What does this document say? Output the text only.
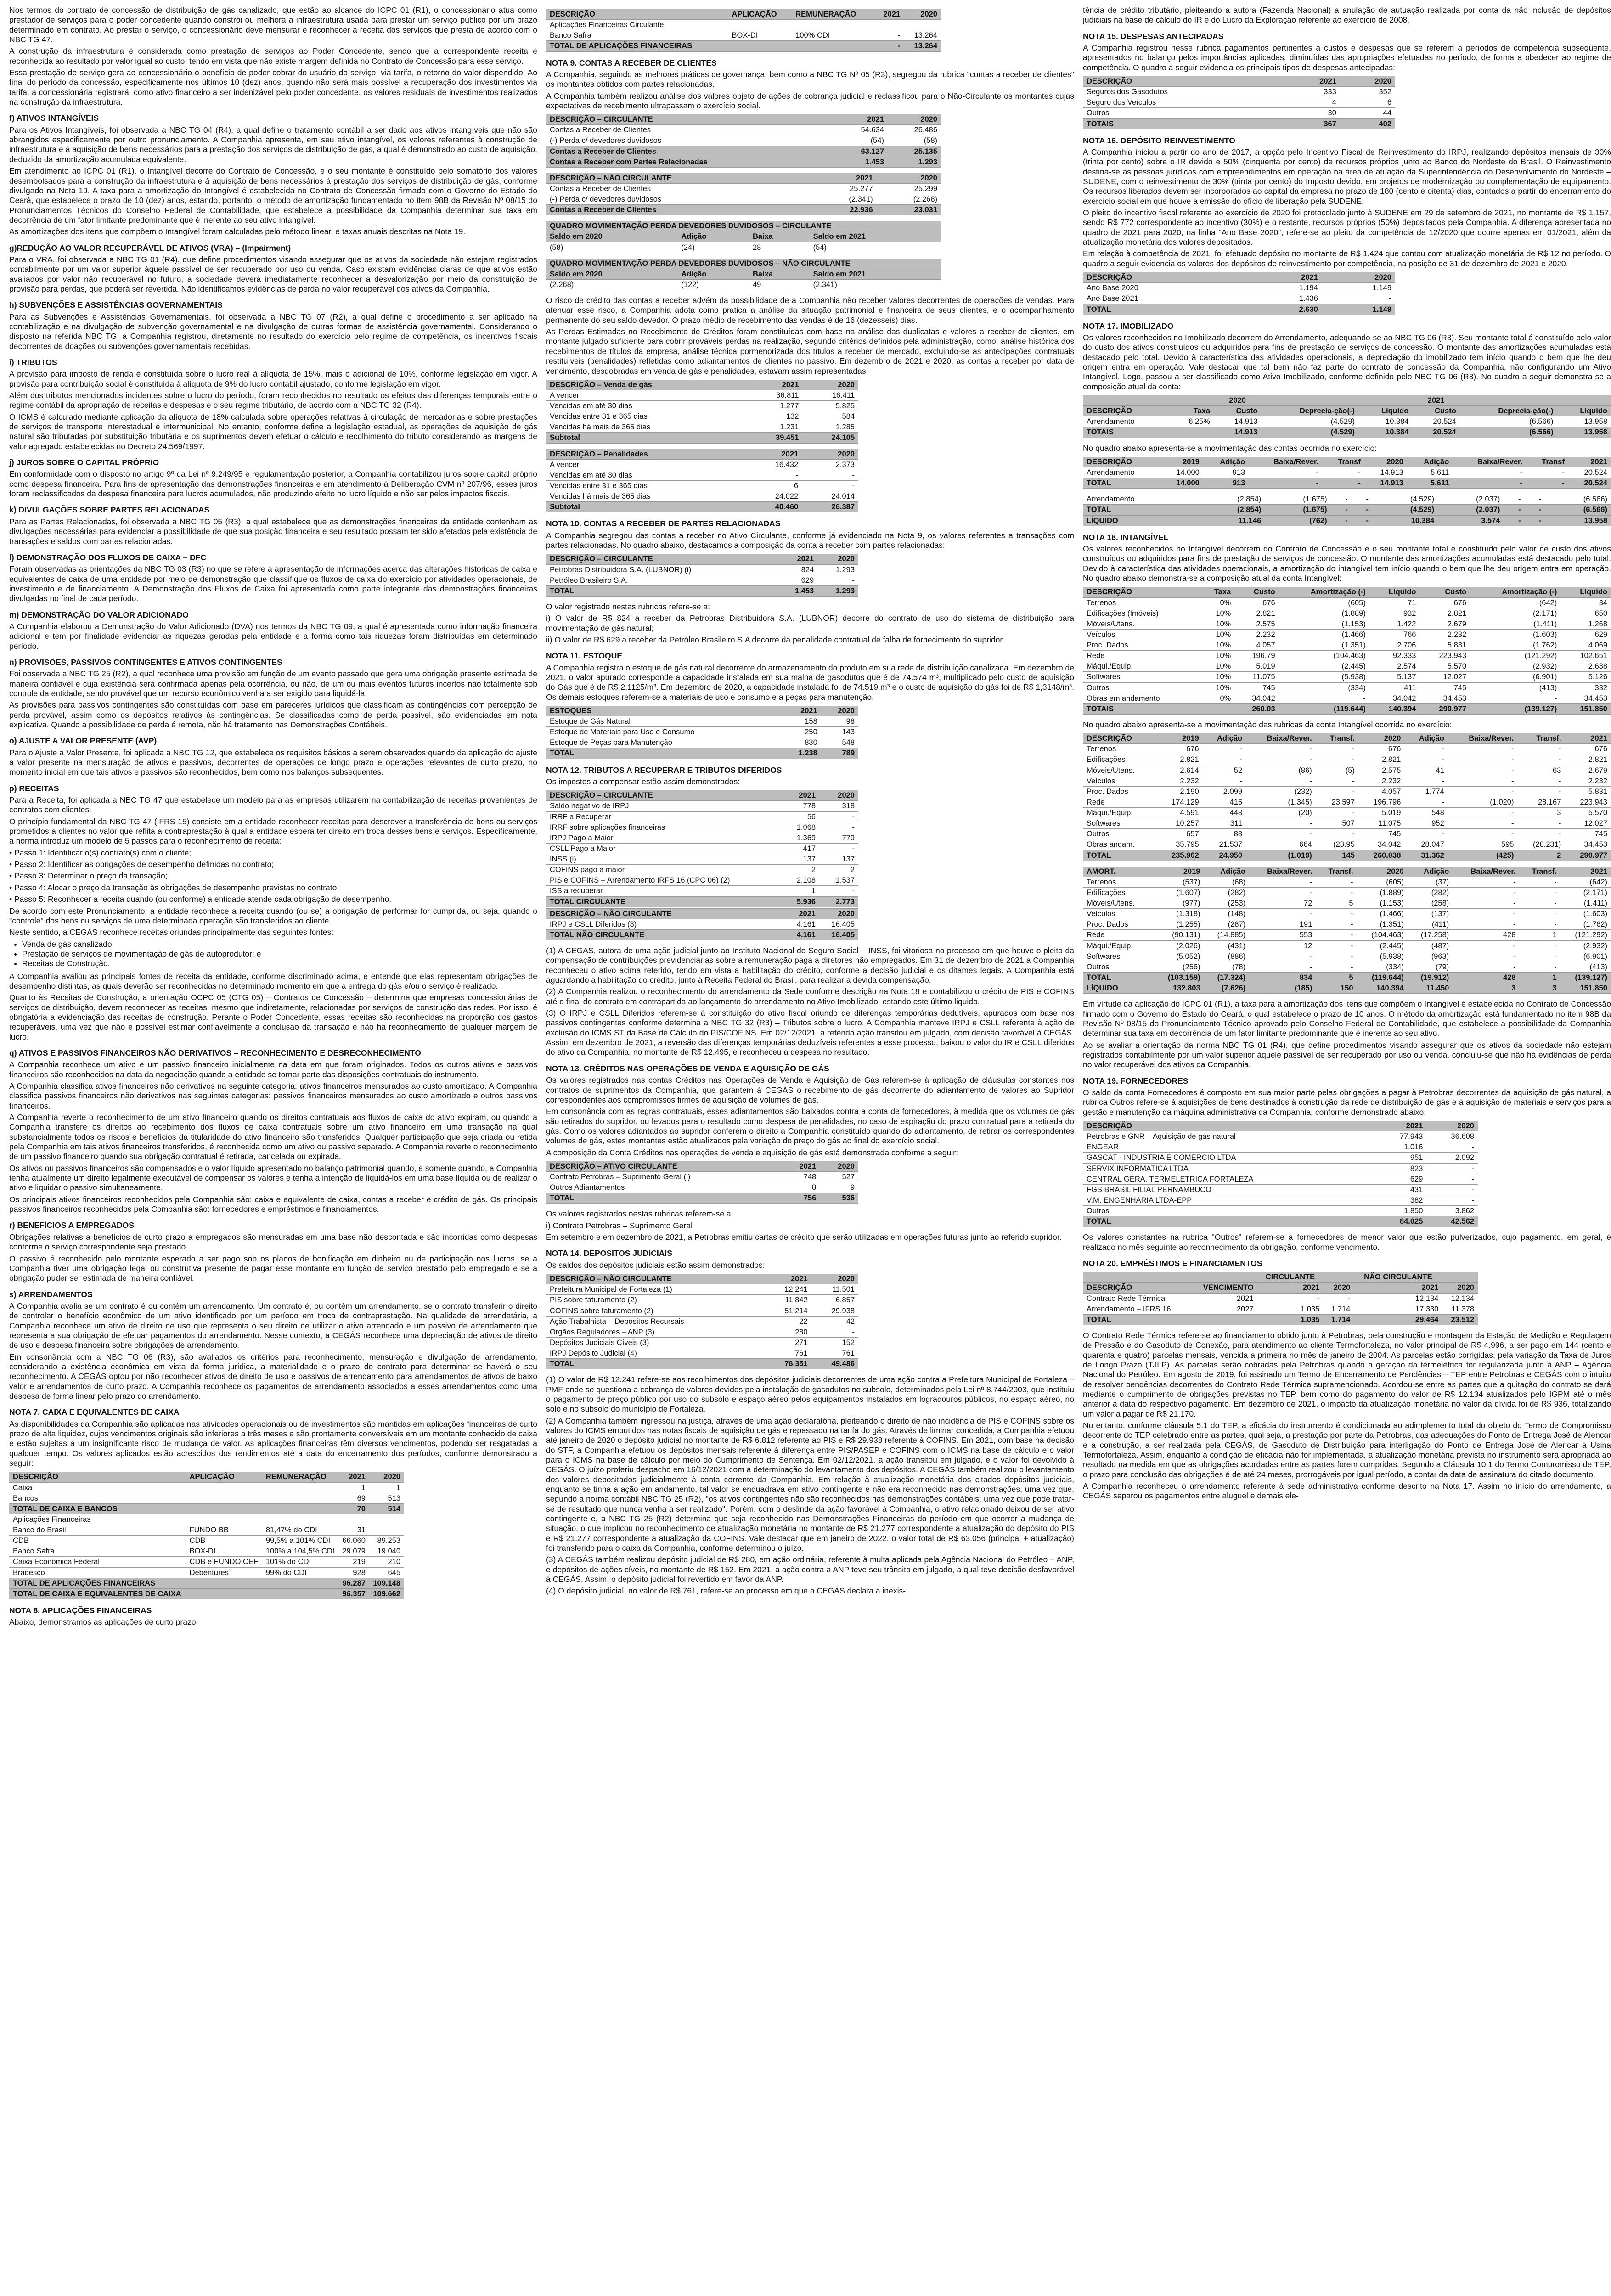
Nos termos do contrato de concessão de distribuição de gás canalizado, que estão ao alcance do ICPC 01 (R1), o concessionário atua como prestador de serviços para o poder concedente quando constrói ou melhora a infraestrutura usada para prestar um serviço público por um prazo determinado em contrato. Ao prestar o serviço, o concessionário deve mensurar e reconhecer a receita dos serviços que presta de acordo com o NBC TG 47.

A construção da infraestrutura é considerada como prestação de serviços ao Poder Concedente, sendo que a correspondente receita é reconhecida ao resultado por valor igual ao custo, tendo em vista que não existe margem definida no Contrato de Concessão para esse serviço.

Essa prestação de serviço gera ao concessionário o benefício de poder cobrar do usuário do serviço, via tarifa, o retorno do valor dispendido. Ao final do período da concessão, especificamente nos últimos 10 (dez) anos, quando não será mais possível a recuperação dos investimentos via tarifa, a concessionária registrará, como ativo financeiro a ser indenizável pelo poder concedente, os valores residuais de investimentos realizados na construção da infraestrutura.

f) ATIVOS INTANGÍVEIS

Para os Ativos Intangíveis, foi observada a NBC TG 04 (R4), a qual define o tratamento contábil a ser dado aos ativos intangíveis que não são abrangidos especificamente por outro pronunciamento. A Companhia apresenta, em seu ativo intangível, os valores referentes à construção de infraestrutura e à aquisição de bens necessários para a prestação dos serviços de distribuição de gás, a qual é demonstrado ao custo de aquisição, deduzido da amortização acumulada equivalente.

Em atendimento ao ICPC 01 (R1), o Intangível decorre do Contrato de Concessão, e o seu montante é constituído pelo somatório dos valores desembolsados para a construção da infraestrutura e à aquisição de bens necessários à prestação dos serviços de distribuição de gás, conforme divulgado na Nota 19. A taxa para a amortização do Intangível é estabelecida no Contrato de Concessão firmado com o Governo do Estado do Ceará, que estabelece o prazo de 10 (dez) anos, estando, portanto, o método de amortização fundamentado no item 98B da Revisão Nº 08/15 do Pronunciamentos Técnicos do Conselho Federal de Contabilidade, que estabelece a possibilidade da Companhia determinar sua taxa em decorrência de um fator limitante predominante que é inerente ao seu ativo intangível.

As amortizações dos itens que compõem o Intangível foram calculadas pelo método linear, e taxas anuais descritas na Nota 19.

g)REDUÇÃO AO VALOR RECUPERÁVEL DE ATIVOS (VRA) – (Impairment)

Para o VRA, foi observada a NBC TG 01 (R4), que define procedimentos visando assegurar que os ativos da sociedade não estejam registrados contabilmente por um valor superior àquele passível de ser recuperado por uso ou venda. Caso existam evidências claras de que ativos estão avaliados por valor não recuperável no futuro, a sociedade deverá imediatamente reconhecer a desvalorização por meio da constituição de provisão para perdas, que poderá ser revertida. Não identificamos evidências de perda no valor recuperável dos ativos da Companhia.

h) SUBVENÇÕES E ASSISTÊNCIAS GOVERNAMENTAIS

Para as Subvenções e Assistências Governamentais, foi observada a NBC TG 07 (R2), a qual define o procedimento a ser aplicado na contabilização e na divulgação de subvenção governamental e na divulgação de outras formas de assistência governamental. Considerando o disposto na referida NBC TG, a Companhia registrou, diretamente no resultado do exercício pelo regime de competência, os incentivos fiscais decorrentes de doações ou subvenções governamentais recebidas.

i) TRIBUTOS

A provisão para imposto de renda é constituída sobre o lucro real à alíquota de 15%, mais o adicional de 10%, conforme legislação em vigor. A provisão para contribuição social é constituída à alíquota de 9% do lucro contábil ajustado, conforme legislação em vigor.

Além dos tributos mencionados incidentes sobre o lucro do período, foram reconhecidos no resultado os efeitos das diferenças temporais entre o regime contábil da apropriação de receitas e despesas e o seu regime tributário, de acordo com a NBC TG 32 (R4).

O ICMS é calculado mediante aplicação da alíquota de 18% calculada sobre operações relativas à circulação de mercadorias e sobre prestações de serviços de transporte interestadual e intermunicipal. No entanto, conforme define a legislação estadual, as operações de aquisição de gás natural são tributadas por substituição tributária e os suprimentos devem efetuar o cálculo e recolhimento do tributo considerando as margens de valor agregado estabelecidas no Decreto 24.569/1997.

j) JUROS SOBRE O CAPITAL PRÓPRIO

Em conformidade com o disposto no artigo 9º da Lei nº 9.249/95 e regulamentação posterior, a Companhia contabilizou juros sobre capital próprio como despesa financeira. Para fins de apresentação das demonstrações financeiras e em atendimento à Deliberação CVM nº 207/96, esses juros foram reclassificados da despesa financeira para lucros acumulados, não produzindo efeito no lucro líquido e não ser pelos impactos fiscais.

k) DIVULGAÇÕES SOBRE PARTES RELACIONADAS

Para as Partes Relacionadas, foi observada a NBC TG 05 (R3), a qual estabelece que as demonstrações financeiras da entidade contenham as divulgações necessárias para evidenciar a possibilidade de que sua posição financeira e seu resultado possam ter sido afetados pela existência de transações e saldos com partes relacionadas.

l) DEMONSTRAÇÃO DOS FLUXOS DE CAIXA – DFC

Foram observadas as orientações da NBC TG 03 (R3) no que se refere à apresentação de informações acerca das alterações históricas de caixa e equivalentes de caixa de uma entidade por meio de demonstração que classifique os fluxos de caixa do exercício por atividades operacionais, de investimento e de financiamento. A Demonstração dos Fluxos de Caixa foi apresentada como parte integrante das demonstrações financeiras divulgadas no final de cada período.

m) DEMONSTRAÇÃO DO VALOR ADICIONADO

A Companhia elaborou a Demonstração do Valor Adicionado (DVA) nos termos da NBC TG 09, a qual é apresentada como informação financeira adicional e tem por finalidade evidenciar as riquezas geradas pela entidade e a forma como tais riquezas foram distribuídas em determinado período.

n) PROVISÕES, PASSIVOS CONTINGENTES E ATIVOS CONTINGENTES

Foi observada a NBC TG 25 (R2), a qual reconhece uma provisão em função de um evento passado que gera uma obrigação presente estimada de maneira confiável e cuja existência será confirmada apenas pela ocorrência, ou não, de um ou mais eventos futuros incertos não totalmente sob controle da entidade, sendo provável que um recurso econômico venha a ser exigido para liquidá-la.

As provisões para passivos contingentes são constituídas com base em pareceres jurídicos que classificam as contingências com percepção de perda provável, assim como os depósitos relativos às contingências. Se classificadas como de perda possível, são evidenciadas em nota explicativa. Quando a possibilidade de perda é remota, não há tratamento nas Demonstrações Contábeis.

o) AJUSTE A VALOR PRESENTE (AVP)

Para o Ajuste a Valor Presente, foi aplicada a NBC TG 12, que estabelece os requisitos básicos a serem observados quando da aplicação do ajuste a valor presente na mensuração de ativos e passivos, decorrentes de operações de longo prazo e operações relevantes de curto prazo, no momento inicial em que tais ativos e passivos são reconhecidos, bem como nos balanços subsequentes.

p) RECEITAS

Para a Receita, foi aplicada a NBC TG 47 que estabelece um modelo para as empresas utilizarem na contabilização de receitas provenientes de contratos com clientes.

O princípio fundamental da NBC TG 47 (IFRS 15) consiste em a entidade reconhecer receitas para descrever a transferência de bens ou serviços prometidos a clientes no valor que reflita a contraprestação à qual a entidade espera ter direito em troca desses bens e serviços. Especificamente, a norma introduz um modelo de 5 passos para o reconhecimento de receita:

• Passo 1: Identificar o(s) contrato(s) com o cliente;

• Passo 2: Identificar as obrigações de desempenho definidas no contrato;

• Passo 3: Determinar o preço da transação;

• Passo 4: Alocar o preço da transação às obrigações de desempenho previstas no contrato;

• Passo 5: Reconhecer a receita quando (ou conforme) a entidade atende cada obrigação de desempenho.

De acordo com este Pronunciamento, a entidade reconhece a receita quando (ou se) a obrigação de performar for cumprida, ou seja, quando o "controle" dos bens ou serviços de uma determinada operação são transferidos ao cliente.

Neste sentido, a CEGÁS reconhece receitas oriundas principalmente das seguintes fontes:

• Venda de gás canalizado;
• Prestação de serviços de movimentação de gás de autoprodutor; e
• Receitas de Construção.

A Companhia avaliou as principais fontes de receita da entidade, conforme discriminado acima, e entende que elas representam obrigações de desempenho distintas, as quais deverão ser reconhecidas no determinado momento em que a entrega do gás e/ou o serviço é realizado.

Quanto às Receitas de Construção, a orientação OCPC 05 (CTG 05) – Contratos de Concessão – determina que empresas concessionárias de serviços de distribuição, devem reconhecer as receitas, mesmo que indiretamente, relacionadas por serviços de construção das redes. Por isso, é obrigatória a evidenciação das receitas de construção. Perante o Poder Concedente, essas receitas são reconhecidas na proporção dos gastos recuperáveis, uma vez que não é possível estimar confiavelmente a conclusão da transação e não há reconhecimento de qualquer margem de lucro.

q) ATIVOS E PASSIVOS FINANCEIROS NÃO DERIVATIVOS – RECONHECIMENTO E DESRECONHECIMENTO

A Companhia reconhece um ativo e um passivo financeiro inicialmente na data em que foram originados. Todos os outros ativos e passivos financeiros são reconhecidos na data da negociação quando a entidade se tornar parte das disposições contratuais do instrumento.

A Companhia classifica ativos financeiros não derivativos na seguinte categoria: ativos financeiros mensurados ao custo amortizado. A Companhia classifica passivos financeiros não derivativos nas seguintes categorias: passivos financeiros mensurados ao custo amortizado e outros passivos financeiros.

A Companhia reverte o reconhecimento de um ativo financeiro quando os direitos contratuais aos fluxos de caixa do ativo expiram, ou quando a Companhia transfere os direitos ao recebimento dos fluxos de caixa contratuais sobre um ativo financeiro em uma transação na qual substancialmente todos os riscos e benefícios da titularidade do ativo financeiro são transferidos. Qualquer participação que seja criada ou retida pela Companhia em tais ativos financeiros transferidos, é reconhecida como um ativo ou passivo separado. A Companhia reverte o reconhecimento de um passivo financeiro quando sua obrigação contratual é retirada, cancelada ou expirada.

Os ativos ou passivos financeiros são compensados e o valor líquido apresentado no balanço patrimonial quando, e somente quando, a Companhia tenha atualmente um direito legalmente executável de compensar os valores e tenha a intenção de liquidá-los em uma base líquida ou de realizar o ativo e liquidar o passivo simultaneamente.

Os principais ativos financeiros reconhecidos pela Companhia são: caixa e equivalente de caixa, contas a receber e crédito de gás. Os principais passivos financeiros reconhecidos pela Companhia são: fornecedores e empréstimos e financiamentos.

r) BENEFÍCIOS A EMPREGADOS

Obrigações relativas a benefícios de curto prazo a empregados são mensuradas em uma base não descontada e são incorridas como despesas conforme o serviço correspondente seja prestado.

O passivo é reconhecido pelo montante esperado a ser pago sob os planos de bonificação em dinheiro ou de participação nos lucros, se a Companhia tiver uma obrigação legal ou construtiva presente de pagar esse montante em função de serviço prestado pelo empregado e se a obrigação puder ser estimada de maneira confiável.

s) ARRENDAMENTOS

A Companhia avalia se um contrato é ou contém um arrendamento. Um contrato é, ou contém um arrendamento, se o contrato transferir o direito de controlar o benefício econômico de um ativo identificado por um período em troca de contraprestação. Na qualidade de arrendatária, a Companhia reconhece um ativo de direito de uso que representa o seu direito de utilizar o ativo arrendado e um passivo de arrendamento que representa a sua obrigação de efetuar pagamentos do arrendamento. Nesse contexto, a CEGÁS reconhece uma depreciação de ativos de direito de uso e despesa financeira sobre obrigações de arrendamento.

Em consonância com a NBC TG 06 (R3), são avaliados os critérios para reconhecimento, mensuração e divulgação de arrendamento, considerando a existência econômica em vista da forma jurídica, a materialidade e o prazo do contrato para determinar se haverá o seu reconhecimento. A CEGÁS optou por não reconhecer ativos de direito de uso e passivos de arrendamento para arrendamentos de ativos de baixo valor e arrendamentos de curto prazo. A Companhia reconhece os pagamentos de arrendamento associados a esses arrendamentos como uma despesa de forma linear pelo prazo do arrendamento.

NOTA 7. CAIXA E EQUIVALENTES DE CAIXA

As disponibilidades da Companhia são aplicadas nas atividades operacionais ou de investimentos são mantidas em aplicações financeiras de curto prazo de alta liquidez, cujos vencimentos originais são inferiores a três meses e são prontamente conversíveis em um montante conhecido de caixa e estão sujeitas a um insignificante risco de mudança de valor. As aplicações financeiras têm diversos vencimentos, podendo ser resgatadas a qualquer tempo. Os valores aplicados estão acrescidos dos rendimentos até a data do encerramento dos períodos, conforme demonstrado a seguir:

DESCRIÇÃO	APLICAÇÃO	REMUNERAÇÃO	2021	2020
Caixa			1	1
Bancos			69	513
TOTAL DE CAIXA E BANCOS			70	514
Aplicações Financeiras				
Banco do Brasil	FUNDO BB	81,47% do CDI	31	
CDB	CDB	99,5% a 101% CDI	66.060	89.253
Banco Safra	BOX-DI	100% a 104,5% CDI	29.079	19.040
Caixa Econômica Federal	CDB e FUNDO CEF	101% do CDI	219	210
Bradesco	Debêntures	99% do CDI	928	645
TOTAL DE APLICAÇÕES FINANCEIRAS			96.287	109.148
TOTAL DE CAIXA E EQUIVALENTES DE CAIXA			96.357	109.662
NOTA 8. APLICAÇÕES FINANCEIRAS

Abaixo, demonstramos as aplicações de curto prazo:

DESCRIÇÃO	APLICAÇÃO	REMUNERAÇÃO	2021	2020
Aplicações Financeiras Circulante				
Banco Safra	BOX-DI	100% CDI	-	13.264
TOTAL DE APLICAÇÕES FINANCEIRAS			-	13.264
NOTA 9. CONTAS A RECEBER DE CLIENTES

A Companhia, seguindo as melhores práticas de governança, bem como a NBC TG Nº 05 (R3), segregou da rubrica "contas a receber de clientes" os montantes obtidos com partes relacionadas.

A Companhia também realizou análise dos valores objeto de ações de cobrança judicial e reclassificou para o Não-Circulante os montantes cujas expectativas de recebimento ultrapassam o exercício social.

DESCRIÇÃO – CIRCULANTE	2021	2020
Contas a Receber de Clientes	54.634	26.486
(-) Perda c/ devedores duvidosos	(54)	(58)
Contas a Receber de Clientes	63.127	25.135
Contas a Receber com Partes Relacionadas	1.453	1.293
DESCRIÇÃO – NÃO CIRCULANTE	2021	2020
Contas a Receber de Clientes	25.277	25.299
(-) Perda c/ devedores duvidosos	(2.341)	(2.268)
Contas a Receber de Clientes	22.936	23.031
QUADRO MOVIMENTAÇÃO PERDA DEVEDORES DUVIDOSOS – CIRCULANTE			
Saldo em 2020	Adição	Baixa	Saldo em 2021
(58)	(24)	28	(54)
QUADRO MOVIMENTAÇÃO PERDA DEVEDORES DUVIDOSOS – NÃO CIRCULANTE			
Saldo em 2020	Adição	Baixa	Saldo em 2021
(2.268)	(122)	49	(2.341)

O risco de crédito das contas a receber advém da possibilidade de a Companhia não receber valores decorrentes de operações de vendas. Para atenuar esse risco, a Companhia adota como prática a análise da situação patrimonial e financeira de seus clientes, e o acompanhamento permanente do seu saldo devedor. O prazo médio de recebimento das vendas é de 16 (dezesseis) dias.

As Perdas Estimadas no Recebimento de Créditos foram constituídas com base na análise das duplicatas e valores a receber de clientes, em montante julgado suficiente para cobrir prováveis perdas na realização, segundo critérios definidos pela administração, como: análise histórica dos recebimentos de títulos da empresa, análise técnica pormenorizada dos títulos a receber de mercado, excluindo-se as antecipações contratuais restituíveis (penalidades) refletidas como adiantamentos de clientes no passivo. Em dezembro de 2021 e 2020, as contas a receber por data de vencimento, desdobradas em venda de gás e penalidades, estavam assim representadas:

DESCRIÇÃO – Venda de gás	2021	2020
A vencer	36.811	16.411
Vencidas em até 30 dias	1.277	5.825
Vencidas entre 31 e 365 dias	132	584
Vencidas há mais de 365 dias	1.231	1.285
Subtotal	39.451	24.105
DESCRIÇÃO – Penalidades	2021	2020
A vencer	16.432	2.373
Vencidas em até 30 dias	-	-
Vencidas entre 31 e 365 dias	6	-
Vencidas há mais de 365 dias	24.022	24.014
Subtotal	40.460	26.387
NOTA 10. CONTAS A RECEBER DE PARTES RELACIONADAS

A Companhia segregou das contas a receber no Ativo Circulante, conforme já evidenciado na Nota 9, os valores referentes a transações com partes relacionadas. No quadro abaixo, destacamos a composição da conta a receber com partes relacionadas:

DESCRIÇÃO – CIRCULANTE	2021	2020
Petrobras Distribuidora S.A. (LUBNOR) (i)	824	1.293
Petróleo Brasileiro S.A.	629	-
TOTAL	1.453	1.293

O valor registrado nestas rubricas refere-se a:

i) O valor de R$ 824 a receber da Petrobras Distribuidora S.A. (LUBNOR) decorre do contrato de uso do sistema de distribuição para movimentação de gás natural;

ii) O valor de R$ 629 a receber da Petróleo Brasileiro S.A decorre da penalidade contratual de falha de fornecimento do supridor.

NOTA 11. ESTOQUE

A Companhia registra o estoque de gás natural decorrente do armazenamento do produto em sua rede de distribuição canalizada. Em dezembro de 2021, o valor apurado corresponde a capacidade instalada em sua malha de gasodutos que é de 74.574 m³, multiplicado pelo custo de aquisição do Gás que é de R$ 2,1125/m³. Em dezembro de 2020, a capacidade instalada foi de 74.519 m³ e o custo de aquisição do gás foi de R$ 1,3148/m³. Os demais estoques referem-se a materiais de uso e consumo e a peças para manutenção.

ESTOQUES	2021	2020
Estoque de Gás Natural	158	98
Estoque de Materiais para Uso e Consumo	250	143
Estoque de Peças para Manutenção	830	548
TOTAL	1.238	789
NOTA 12. TRIBUTOS A RECUPERAR E TRIBUTOS DIFERIDOS

Os impostos a compensar estão assim demonstrados:

DESCRIÇÃO – CIRCULANTE	2021	2020
Saldo negativo de IRPJ	778	318
IRRF a Recuperar	56	-
IRRF sobre aplicações financeiras	1.068	-
IRPJ Pago a Maior	1.369	779
CSLL Pago a Maior	417	-
INSS (i)	137	137
COFINS pago a maior	2	2
PIS e COFINS – Arrendamento IRFS 16 (CPC 06) (2)	2.108	1.537
ISS a recuperar	1	-
TOTAL CIRCULANTE	5.936	2.773

DESCRIÇÃO – NÃO CIRCULANTE	2021	2020
IRPJ e CSLL Diferidos (3)	4.161	16.405
TOTAL NÃO CIRCULANTE	4.161	16.405

(1) A CEGÁS, autora de uma ação judicial junto ao Instituto Nacional do Seguro Social – INSS, foi vitoriosa no processo em que houve o pleito da compensação de contribuições previdenciárias sobre a remuneração paga a diretores não empregados. Em 31 de dezembro de 2021 a Companhia reconheceu o ativo acima referido, tendo em vista a habilitação do crédito, conforme a decisão judicial e os ditames legais. A Companhia está aguardando a habilitação do crédito, junto à Receita Federal do Brasil, para realizar a devida compensação.

(2) A Companhia realizou o reconhecimento do arrendamento da Sede conforme descrição na Nota 18 e contabilizou o crédito de PIS e COFINS até o final do contrato em contrapartida ao lançamento do arrendamento no Ativo Imobilizado, estando este último liquido.

(3) O IRPJ e CSLL Diferidos referem-se à constituição do ativo fiscal oriundo de diferenças temporárias dedutíveis, apurados com base nos passivos contingentes conforme determina a NBC TG 32 (R3) – Tributos sobre o lucro. A Companhia manteve IRPJ e CSLL referente à ação de exclusão do ICMS ST da Base de Cálculo do PIS/COFINS. Em 02/12/2021, a referida ação transitou em julgado, com decisão favorável à CEGÁS. Assim, em dezembro de 2021, a reversão das diferenças temporárias deduzíveis referentes a esse processo, baixou o valor do IR e CSLL diferidos do ativo da Companhia, no montante de R$ 12.495, e reconheceu a despesa no resultado.

NOTA 13. CRÉDITOS NAS OPERAÇÕES DE VENDA E AQUISIÇÃO DE GÁS

Os valores registrados nas contas Créditos nas Operações de Venda e Aquisição de Gás referem-se à aplicação de cláusulas constantes nos contratos de suprimentos da Companhia, que garantem à CEGÁS o recebimento de gás decorrente do adiantamento de valores ao Supridor correspondentes aos compromissos firmes de aquisição de volumes de gás.

Em consonância com as regras contratuais, esses adiantamentos são baixados contra a conta de fornecedores, à medida que os volumes de gás são retirados do supridor, ou levados para o resultado como despesa de penalidades, no caso de expiração do prazo contratual para a retirada do gás. Como os valores adiantados ao supridor conferem o direito à Companhia constituído quando do adiantamento, de retirar os correspondentes volumes de gás, estes montantes estão atualizados pela variação do preço do gás ao final do exercício social.

A composição da Conta Créditos nas operações de venda e aquisição de gás está demonstrada conforme a seguir:

DESCRIÇÃO – ATIVO CIRCULANTE	2021	2020
Contrato Petrobras – Suprimento Geral (i)	748	527
Outros Adiantamentos	8	9
TOTAL	756	536

Os valores registrados nestas rubricas referem-se a:

i) Contrato Petrobras – Suprimento Geral

Em setembro e em dezembro de 2021, a Petrobras emitiu cartas de crédito que serão utilizadas em operações futuras junto ao referido supridor.

NOTA 14. DEPÓSITOS JUDICIAIS

Os saldos dos depósitos judiciais estão assim demonstrados:

DESCRIÇÃO – NÃO CIRCULANTE	2021	2020
Prefeitura Municipal de Fortaleza (1)	12.241	11.501
PIS sobre faturamento (2)	11.842	6.857
COFINS sobre faturamento (2)	51.214	29.938
Ação Trabalhista – Depósitos Recursais	22	42
Órgãos Reguladores – ANP (3)	280	-
Depósitos Judiciais Cíveis (3)	271	152
IRPJ Depósito Judicial (4)	761	761
TOTAL	76.351	49.486

(1) O valor de R$ 12.241 refere-se aos recolhimentos dos depósitos judiciais decorrentes de uma ação contra a Prefeitura Municipal de Fortaleza – PMF onde se questiona a cobrança de valores devidos pela instalação de gasodutos no subsolo, determinados pela Lei nº 8.744/2003, que instituiu o pagamento de preço público por uso do subsolo e espaço aéreo pelos equipamentos instalados em logradouros públicos, no espaço aéreo, no solo e no subsolo do município de Fortaleza.

(2) A Companhia também ingressou na justiça, através de uma ação declaratória, pleiteando o direito de não incidência de PIS e COFINS sobre os valores do ICMS embutidos nas notas fiscais de aquisição de gás e repassado na tarifa do gás. Através de liminar concedida, a Companhia efetuou até janeiro de 2020 o depósito judicial no montante de R$ 6.812 referente ao PIS e R$ 29.938 referente à COFINS. Em 2021, com base na decisão do STF, a Companhia efetuou os depósitos mensais referente à diferença entre PIS/PASEP e COFINS com o ICMS na base de cálculo e o valor para o ICMS na base de cálculo por meio do Cumprimento de Sentença. Em 02/12/2021, a ação transitou em julgado, e o valor foi devolvido à CEGÁS. O juízo proferiu despacho em 16/12/2021 com a determinação do levantamento dos depósitos. A CEGÁS também realizou o levantamento dos valores depositados judicialmente à conta corrente da Companhia. Em relação à atualização monetária dos citados depósitos judiciais, enquanto se tinha a ação em andamento, tal valor se enquadrava em ativo contingente e não era reconhecido nas demonstrações, uma vez que, segundo a norma contábil NBC TG 25 (R2), "os ativos contingentes não são reconhecidos nas demonstrações contábeis, uma vez que pode tratar-se de resultado que nunca venha a ser realizado". Porém, com o deslinde da ação favorável à Companhia, o ativo relacionado deixou de ser ativo contingente e, a NBC TG 25 (R2) determina que seja reconhecido nas Demonstrações Financeiras do período em que ocorrer a mudança de situação, o que implicou no reconhecimento de atualização monetária no montante de R$ 21.277 correspondente a atualização do depósito do PIS e R$ 21.277 correspondente a atualização da COFINS. Vale destacar que em janeiro de 2022, o valor total de R$ 63.056 (principal + atualização) foi transferido para o caixa da Companhia, conforme determinou o juízo.

(3) A CEGÁS também realizou depósito judicial de R$ 280, em ação ordinária, referente à multa aplicada pela Agência Nacional do Petróleo – ANP, e depósitos de ações cíveis, no montante de R$ 152. Em 2021, a ação contra a ANP teve seu trânsito em julgado, a qual teve decisão desfavorável à CEGÁS. Assim, o depósito judicial foi revertido em favor da ANP.

(4) O depósito judicial, no valor de R$ 761, refere-se ao processo em que a CEGÁS declara a inexis-

tência de crédito tributário, pleiteando a autora (Fazenda Nacional) a anulação de autuação realizada por conta da não inclusão de depósitos judiciais na base de cálculo do IR e do Lucro da Exploração referente ao exercício de 2008.

NOTA 15. DESPESAS ANTECIPADAS

A Companhia registrou nesse rubrica pagamentos pertinentes a custos e despesas que se referem a períodos de competência subsequente, apresentados no balanço pelos importâncias aplicadas, diminuídas das apropriações efetuadas no período, de forma a obedecer ao regime de competência. O quadro a seguir evidencia os principais tipos de despesas antecipadas:

DESCRIÇÃO	2021	2020
Seguros dos Gasodutos	333	352
Seguro dos Veículos	4	6
Outros	30	44
TOTAIS	367	402
NOTA 16. DEPÓSITO REINVESTIMENTO

A Companhia iniciou a partir do ano de 2017, a opção pelo Incentivo Fiscal de Reinvestimento do IRPJ, realizando depósitos mensais de 30% (trinta por cento) sobre o IR devido e 50% (cinquenta por cento) de recursos próprios junto ao Banco do Nordeste do Brasil. O Reinvestimento destina-se as pessoas jurídicas com empreendimentos em operação na área de atuação da Superintendência do Desenvolvimento do Nordeste – SUDENE, com o reinvestimento de 30% (trinta por cento) do Imposto devido, em projetos de modernização ou complementação de equipamento. Os recursos liberados devem ser incorporados ao capital da empresa no prazo de 180 (cento e oitenta) dias, contados a partir do encerramento do exercício social em que houve a emissão do ofício de liberação pela SUDENE.

O pleito do incentivo fiscal referente ao exercício de 2020 foi protocolado junto à SUDENE em 29 de setembro de 2021, no montante de R$ 1.157, sendo R$ 772 correspondente ao incentivo (30%) e o restante, recursos próprios (50%) depositados pela Companhia. A diferença apresentada no quadro de 2021 para 2020, na linha "Ano Base 2020", refere-se ao pleito da competência de 12/2020 que ocorre apenas em 01/2021, além da atualização monetária dos valores depositados.

Em relação à competência de 2021, foi efetuado depósito no montante de R$ 1.424 que contou com atualização monetária de R$ 12 no período. O quadro a seguir evidencia os valores dos depósitos de reinvestimento por competência, na posição de 31 de dezembro de 2021 e 2020.

DESCRIÇÃO	2021	2020
Ano Base 2020	1.194	1.149
Ano Base 2021	1.436	-
TOTAL	2.630	1.149
NOTA 17. IMOBILIZADO

Os valores reconhecidos no Imobilizado decorrem do Arrendamento, adequando-se ao NBC TG 06 (R3). Seu montante total é constituído pelo valor do custo dos ativos construídos ou adquiridos para fins de prestação de serviços de concessão. O montante das amortizações acumuladas está destacado pelo total. Devido à característica das atividades operacionais, a depreciação do imobilizado tem início quando o bem que lhe deu origem entra em operação. Vale destacar que tal bem não faz parte do contrato de concessão da Companhia, não configurando um Ativo Intangível. Logo, passou a ser classificado como Ativo Imobilizado, conforme definido pelo NBC TG 06 (R3). No quadro a seguir demonstra-se a composição atual da conta:

		2020			2021		
DESCRIÇÃO	Taxa	Custo	Deprecia-ção(-)	Líquido	Custo	Deprecia-ção(-)	Líquido
Arrendamento	6,25%	14.913	(4.529)	10.384	20.524	(6.566)	13.958
TOTAIS		14.913	(4.529)	10.384	20.524	(6.566)	13.958

No quadro abaixo apresenta-se a movimentação das contas ocorrida no exercício:

DESCRIÇÃO	2019	Adição	Baixa/Rever.	Transf	2020	Adição	Baixa/Rever.	Transf	2021
Arrendamento	14.000	913	-	-	14.913	5.611	-	-	20.524
TOTAL	14.000	913	-	-	14.913	5.611	-	-	20.524
Arrendamento	(2.854)	(1.675)	-	-	(4.529)	(2.037)	-	-	(6.566)
TOTAL	(2.854)	(1.675)	-	-	(4.529)	(2.037)	-	-	(6.566)
LÍQUIDO	11.146	(762)	-	-	10.384	3.574	-	-	13.958
NOTA 18. INTANGÍVEL

Os valores reconhecidos no Intangível decorrem do Contrato de Concessão e o seu montante total é constituído pelo valor de custo dos ativos construídos ou adquiridos para fins de prestação de serviços de concessão. O montante das amortizações acumuladas está destacado pelo total. Devido à característica das atividades operacionais, a amortização do intangível tem início quando o bem que lhe deu origem entra em operação. No quadro abaixo demonstra-se a composição atual da conta Intangível:

DESCRIÇÃO	Taxa	Custo	Amortização (-)	Líquido	Custo	Amortização (-)	Líquido
Terrenos	0%	676	(605)	71	676	(642)	34
Edificações (Imóveis)	10%	2.821	(1.889)	932	2.821	(2.171)	650
Móveis/Utens.	10%	2.575	(1.153)	1.422	2.679	(1.411)	1.268
Veículos	10%	2.232	(1.466)	766	2.232	(1.603)	629
Proc. Dados	10%	4.057	(1.351)	2.706	5.831	(1.762)	4.069
Rede	10%	196.79	(104.463)	92.333	223.943	(121.292)	102.651
Máqui./Equip.	10%	5.019	(2.445)	2.574	5.570	(2.932)	2.638
Softwares	10%	11.075	(5.938)	5.137	12.027	(6.901)	5.126
Outros	10%	745	(334)	411	745	(413)	332
Obras em andamento	0%	34.042	-	34.042	34.453	-	34.453
TOTAIS		260.03	(119.644)	140.394	290.977	(139.127)	151.850

No quadro abaixo apresenta-se a movimentação das rubricas da conta Intangível ocorrida no exercício:

DESCRIÇÃO	2019	Adição	Baixa/Rever.	Transf.	2020	Adição	Baixa/Rever.	Transf.	2021
Terrenos	676	-	-	-	676	-	-	-	676
Edificações	2.821	-	-	-	2.821	-	-	-	2.821
Móveis/Utens.	2.614	52	(86)	(5)	2.575	41	-	63	2.679
Veículos	2.232	-	-	-	2.232	-	-	-	2.232
Proc. Dados	2.190	2.099	(232)	-	4.057	1.774	-	-	5.831
Rede	174.129	415	(1.345)	23.597	196.796	-	(1.020)	28.167	223.943
Máqui./Equip.	4.591	448	(20)	-	5.019	548	-	3	5.570
Softwares	10.257	311	-	507	11.075	952	-	-	12.027
Outros	657	88	-	-	745	-	-	-	745
Obras andam.	35.795	21.537	664	(23.95	34.042	28.047	595	(28.231)	34.453
TOTAL	235.962	24.950	(1.019)	145	260.038	31.362	(425)	2	290.977
AMORT.	2019	Adição	Baixa/Rever.	Transf.	2020	Adição	Baixa/Rever.	Transf.	2021
Terrenos	(537)	(68)	-	-	(605)	(37)	-	-	(642)
Edificações	(1.607)	(282)	-	-	(1.889)	(282)	-	-	(2.171)
Móveis/Utens.	(977)	(253)	72	5	(1.153)	(258)	-	-	(1.411)
Veículos	(1.318)	(148)	-	-	(1.466)	(137)	-	-	(1.603)
Proc. Dados	(1.255)	(287)	191	-	(1.351)	(411)	-	-	(1.762)
Rede	(90.131)	(14.885)	553	-	(104.463)	(17.258)	428	1	(121.292)
Máqui./Equip.	(2.026)	(431)	12	-	(2.445)	(487)	-	-	(2.932)
Softwares	(5.052)	(886)	-	-	(5.938)	(963)	-	-	(6.901)
Outros	(256)	(78)	-	-	(334)	(79)	-	-	(413)
TOTAL	(103.159)	(17.324)	834	5	(119.644)	(19.912)	428	1	(139.127)
LÍQUIDO	132.803	(7.626)	(185)	150	140.394	11.450	3	3	151.850

Em virtude da aplicação do ICPC 01 (R1), a taxa para a amortização dos itens que compõem o Intangível é estabelecida no Contrato de Concessão firmado com o Governo do Estado do Ceará, o qual estabelece o prazo de 10 anos. O método da amortização está fundamentado no item 98B da Revisão Nº 08/15 do Pronunciamento Técnico aprovado pelo Conselho Federal de Contabilidade, que estabelece a possibilidade da Companhia determinar sua taxa em decorrência de um fator limitante predominante que é inerente ao seu ativo.

Ao se avaliar a orientação da norma NBC TG 01 (R4), que define procedimentos visando assegurar que os ativos da sociedade não estejam registrados contabilmente por um valor superior àquele passível de ser recuperado por uso ou venda, concluiu-se que não há evidências de perda no valor recuperável dos ativos da Companhia.

NOTA 19. FORNECEDORES

O saldo da conta Fornecedores é composto em sua maior parte pelas obrigações a pagar à Petrobras decorrentes da aquisição de gás natural, a rubrica Outros refere-se à aquisições de bens destinados à construção da rede de distribuição de gás e à aquisição de materiais e serviços para a gestão e manutenção da máquina administrativa da Companhia, conforme demonstrado abaixo:

DESCRIÇÃO	2021	2020
Petrobras e GNR – Aquisição de gás natural	77.943	36.608
ENGEAR	1.016	-
GASCAT - INDUSTRIA E COMERCIO LTDA	951	2.092
SERVIX INFORMATICA LTDA	823	-
CENTRAL GERA. TERMELETRICA FORTALEZA	629	-
FGS BRASIL FILIAL PERNAMBUCO	431	-
V.M. ENGENHARIA LTDA-EPP	382	-
Outros	1.850	3.862
TOTAL	84.025	42.562

Os valores constantes na rubrica "Outros" referem-se a fornecedores de menor valor que estão pulverizados, cujo pagamento, em geral, é realizado no mês seguinte ao reconhecimento da obrigação, conforme vencimento.

NOTA 20. EMPRÉSTIMOS E FINANCIAMENTOS
		CIRCULANTE		NÃO CIRCULANTE	
DESCRIÇÃO	VENCIMENTO	2021	2020	2021	2020
Contrato Rede Térmica	2021	-	-	12.134	12.134
Arrendamento – IFRS 16	2027	1.035	1.714	17.330	11.378
TOTAL		1.035	1.714	29.464	23.512

O Contrato Rede Térmica refere-se ao financiamento obtido junto à Petrobras, pela construção e montagem da Estação de Medição e Regulagem de Pressão e do Gasoduto de Conexão, para atendimento ao cliente Termofortaleza, no valor principal de R$ 4.996, a ser pago em 144 (cento e quarenta e quatro) parcelas mensais, vencida a primeira no mês de janeiro de 2004. As parcelas estão corrigidas, pela variação da Taxa de Juros de Longo Prazo (TJLP). As parcelas serão cobradas pela Petrobras quando a geração da termelétrica for regularizada junto à ANP – Agência Nacional do Petróleo. Em agosto de 2019, foi assinado um Termo de Encerramento de Pendências – TEP entre Petrobras e CEGÁS com o intuito de resolver pendências decorrentes do Contrato Rede Térmica supramencionado. Acordou-se entre as partes que a quitação do contrato se dará mediante o cumprimento de obrigações previstas no TEP, bem como do pagamento do valor de R$ 12.134 atualizados pelo IGPM até o mês anterior à data do respectivo pagamento. Em dezembro de 2021, o impacto da atualização monetária no valor da dívida foi de R$ 936, totalizando um valor a pagar de R$ 21.170.

No entanto, conforme cláusula 5.1 do TEP, a eficácia do instrumento é condicionada ao adimplemento total do objeto do Termo de Compromisso decorrente do TEP celebrado entre as partes, qual seja, a prestação por parte da Petrobras, das adequações do Ponto de Entrega José de Alencar e a construção, a ser realizada pela CEGÁS, de Gasoduto de Distribuição para interligação do Ponto de Entrega José de Alencar à Usina Termofortaleza. Assim, enquanto a condição de eficácia não for implementada, a atualização monetária prevista no instrumento será apropriada ao resultado na medida em que as obrigações acordadas entre as partes forem cumpridas. Segundo a Cláusula 10.1 do Termo Compromisso de TEP, o prazo para conclusão das obrigações é de até 24 meses, prorrogáveis por igual período, a contar da data de assinatura do citado documento.

A Companhia reconheceu o arrendamento referente à sede administrativa conforme descrito na Nota 17. Assim no início do arrendamento, a CEGÁS separou os pagamentos entre aluguel e demais ele-
